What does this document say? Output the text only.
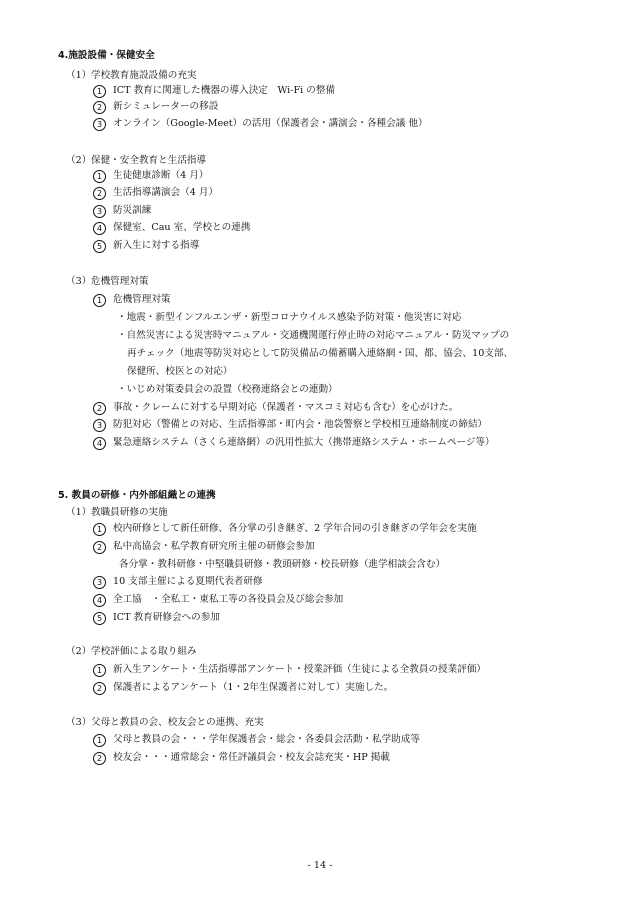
4.施設設備・保健安全
（1） 学校教育施設設備の充実
1	ICT 教育に関連した機器の導入決定　Wi-Fi の整備
2	新シミュレーターの移設
3	オンライン（Google-Meet）の活用（保護者会・講演会・各種会議 他）
（2） 保健・安全教育と生活指導
1	生徒健康診断（4 月）
2	生活指導講演会（4 月）
3	防災訓練
4	保健室、Cau 室、学校との連携
5	新入生に対する指導
（3） 危機管理対策
1	危機管理対策
・地震・新型インフルエンザ・新型コロナウイルス感染予防対策・他災害に対応
・自然災害による災害時マニュアル・交通機関運行停止時の対応マニュアル・防災マップの
再チェック（地震等防災対応として防災備品の備蓄購入連絡網・国、都、協会、10支部、
保健所、校医との対応）
・いじめ対策委員会の設置（校務連絡会との連動）
2	事故・クレームに対する早期対応（保護者・マスコミ対応も含む）を心がけた。
3	防犯対応（警備との対応、生活指導部・町内会・池袋警察と学校相互連絡制度の締結）
4	緊急連絡システム（さくら連絡網）の汎用性拡大（携帯連絡システム・ホームページ等）
5. 教員の研修・内外部組織との連携
（1） 教職員研修の実施
1	校内研修として新任研修、各分掌の引き継ぎ、2 学年合同の引き継ぎの学年会を実施
2	私中高協会・私学教育研究所主催の研修会参加
各分掌・教科研修・中堅職員研修・教頭研修・校長研修（進学相談会含む）
3	10 支部主催による夏期代表者研修
4	全工協　・全私工・東私工等の各役員会及び総会参加
5	ICT 教育研修会への参加
（2） 学校評価による取り組み
1	新入生アンケート・生活指導部アンケート・授業評価（生徒による全教員の授業評価）
2	保護者によるアンケート（1・2年生保護者に対して）実施した。
（3） 父母と教員の会、校友会との連携、充実
1	父母と教員の会・・・学年保護者会・総会・各委員会活動・私学助成等
2	校友会・・・通常総会・常任評議員会・校友会誌充実・HP 掲載
- 14 -
